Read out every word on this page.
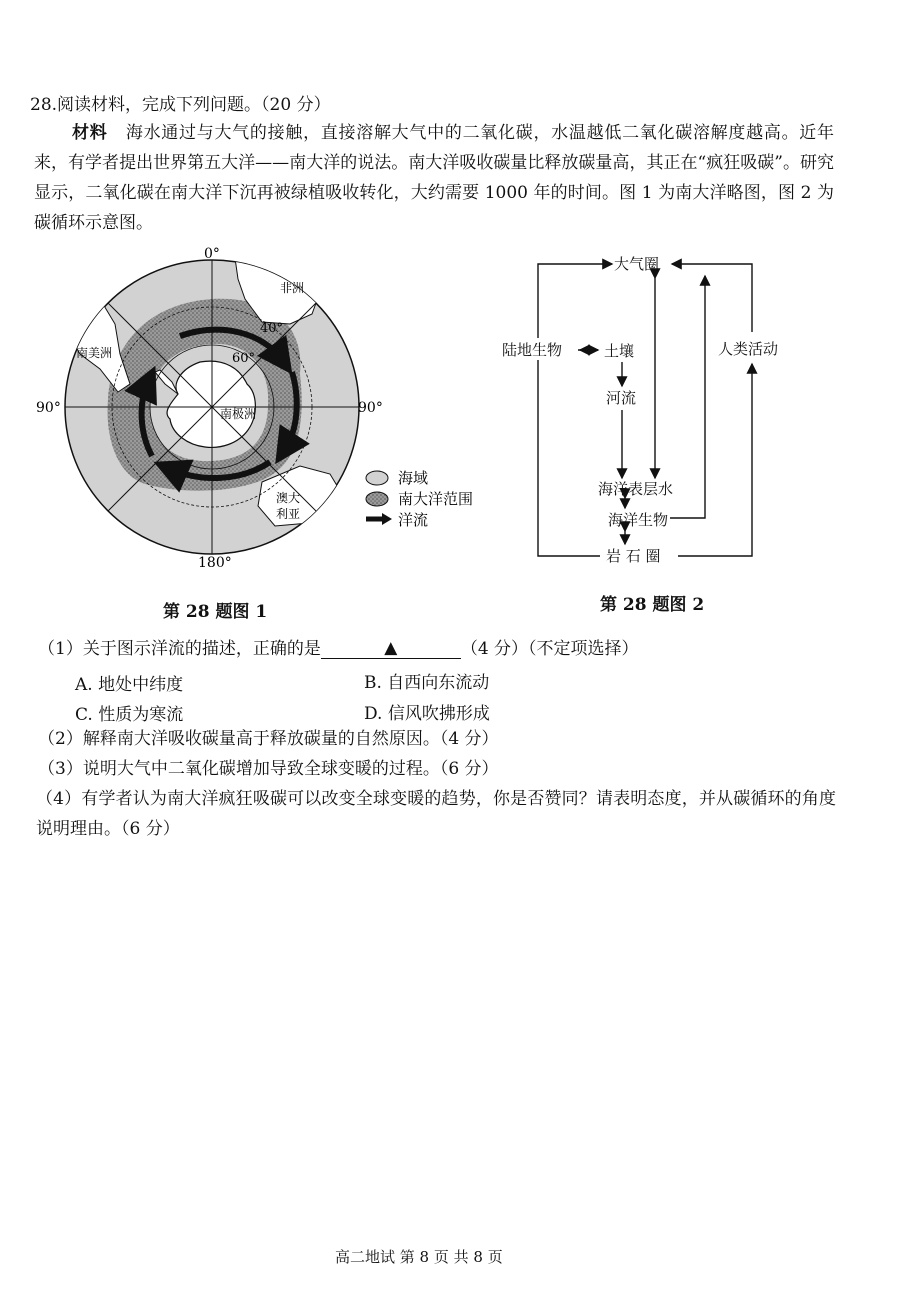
28.阅读材料，完成下列问题。（20 分）
材料 海水通过与大气的接触，直接溶解大气中的二氧化碳，水温越低二氧化碳溶解度越高。近年来，有学者提出世界第五大洋——南大洋的说法。南大洋吸收碳量比释放碳量高，其正在“疯狂吸碳”。研究显示，二氧化碳在南大洋下沉再被绿植吸收转化，大约需要 1000 年的时间。图 1 为南大洋略图，图 2 为碳循环示意图。
0°
180°
90°	90°
40°
60°
非洲
南美洲
南极洲
澳大
利亚
海域
南大洋范围
洋流
第 28 题图 1
大气圈
陆地生物	土壤
河流
人类活动
海洋表层水
海洋生物
岩 石 圈
第 28 题图 2
（1）关于图示洋流的描述，正确的是	▲	（4 分）（不定项选择）
A. 地处中纬度	B. 自西向东流动
C. 性质为寒流	D. 信风吹拂形成
（2）解释南大洋吸收碳量高于释放碳量的自然原因。（4 分）
（3）说明大气中二氧化碳增加导致全球变暖的过程。（6 分）
（4）有学者认为南大洋疯狂吸碳可以改变全球变暖的趋势，你是否赞同？请表明态度，并从碳循环的角度说明理由。（6 分）
高二地试 第 8 页 共 8 页
